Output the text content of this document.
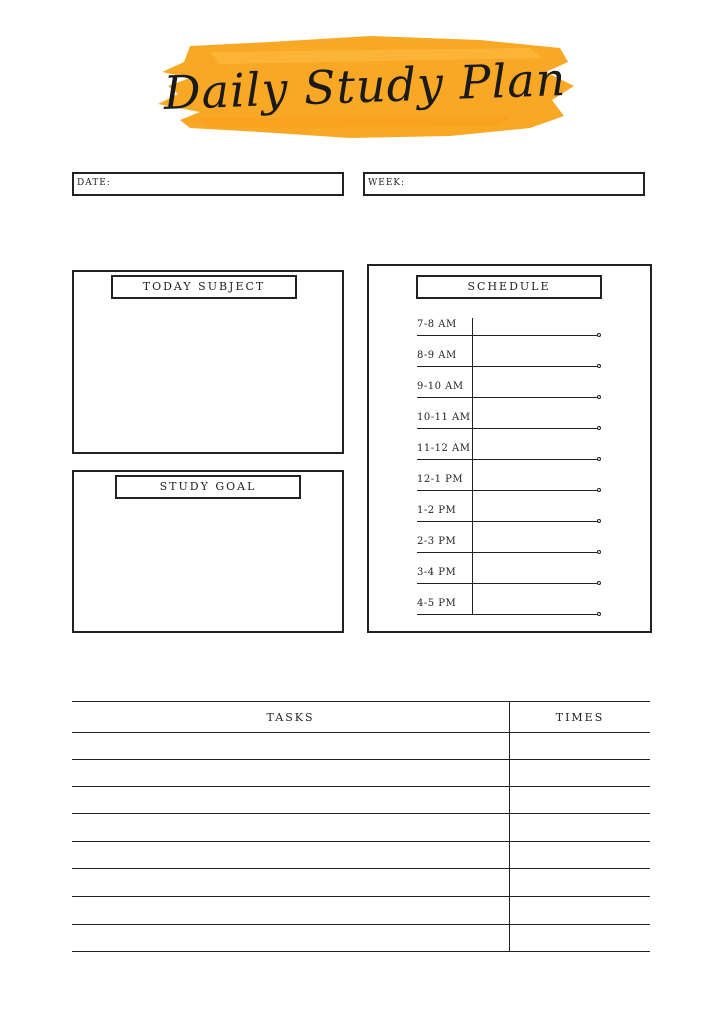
Daily Study Plan
DATE:	WEEK:
TODAY SUBJECT
STUDY GOAL
SCHEDULE
7-8 AM
8-9 AM
9-10 AM
10-11 AM
11-12 AM
12-1 PM
1-2 PM
2-3 PM
3-4 PM
4-5 PM
TASKS	TIMES
